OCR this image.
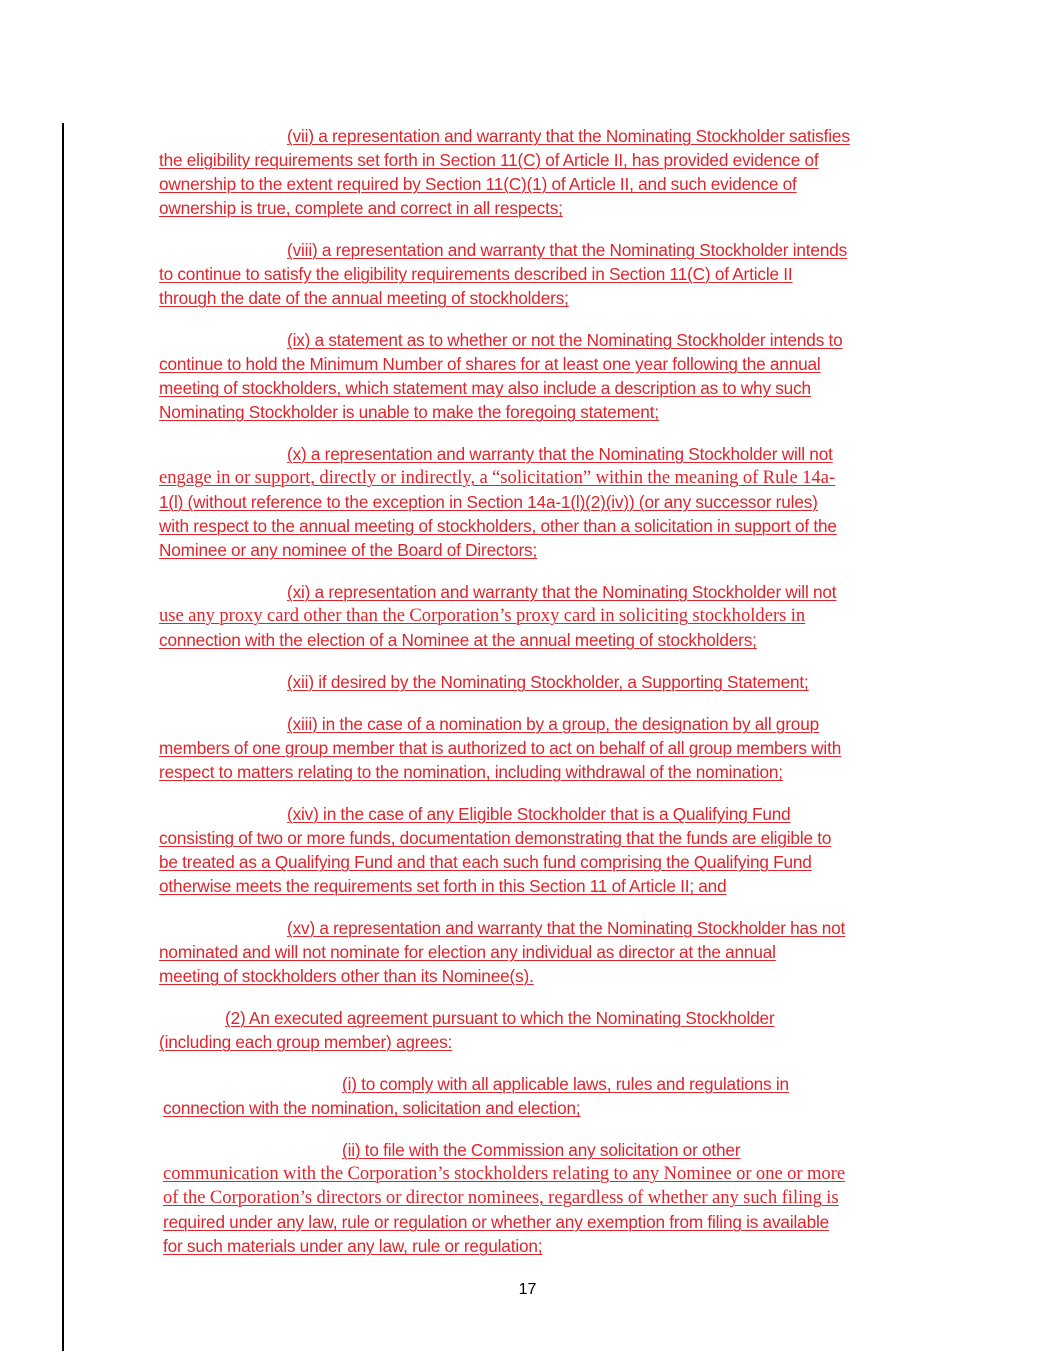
(vii) a representation and warranty that the Nominating Stockholder satisfies
the eligibility requirements set forth in Section 11(C) of Article II, has provided evidence of
ownership to the extent required by Section 11(C)(1) of Article II, and such evidence of
ownership is true, complete and correct in all respects;

(viii) a representation and warranty that the Nominating Stockholder intends
to continue to satisfy the eligibility requirements described in Section 11(C) of Article II
through the date of the annual meeting of stockholders;

(ix) a statement as to whether or not the Nominating Stockholder intends to
continue to hold the Minimum Number of shares for at least one year following the annual
meeting of stockholders, which statement may also include a description as to why such
Nominating Stockholder is unable to make the foregoing statement;

(x) a representation and warranty that the Nominating Stockholder will not
engage in or support, directly or indirectly, a “solicitation” within the meaning of Rule 14a-
1(l) (without reference to the exception in Section 14a-1(l)(2)(iv)) (or any successor rules)
with respect to the annual meeting of stockholders, other than a solicitation in support of the
Nominee or any nominee of the Board of Directors;

(xi) a representation and warranty that the Nominating Stockholder will not
use any proxy card other than the Corporation’s proxy card in soliciting stockholders in
connection with the election of a Nominee at the annual meeting of stockholders;

(xii) if desired by the Nominating Stockholder, a Supporting Statement;

(xiii) in the case of a nomination by a group, the designation by all group
members of one group member that is authorized to act on behalf of all group members with
respect to matters relating to the nomination, including withdrawal of the nomination;

(xiv) in the case of any Eligible Stockholder that is a Qualifying Fund
consisting of two or more funds, documentation demonstrating that the funds are eligible to
be treated as a Qualifying Fund and that each such fund comprising the Qualifying Fund
otherwise meets the requirements set forth in this Section 11 of Article II; and

(xv) a representation and warranty that the Nominating Stockholder has not
nominated and will not nominate for election any individual as director at the annual
meeting of stockholders other than its Nominee(s).

(2) An executed agreement pursuant to which the Nominating Stockholder
(including each group member) agrees:

(i) to comply with all applicable laws, rules and regulations in
connection with the nomination, solicitation and election;

(ii) to file with the Commission any solicitation or other
communication with the Corporation’s stockholders relating to any Nominee or one or more
of the Corporation’s directors or director nominees, regardless of whether any such filing is
required under any law, rule or regulation or whether any exemption from filing is available
for such materials under any law, rule or regulation;

17
